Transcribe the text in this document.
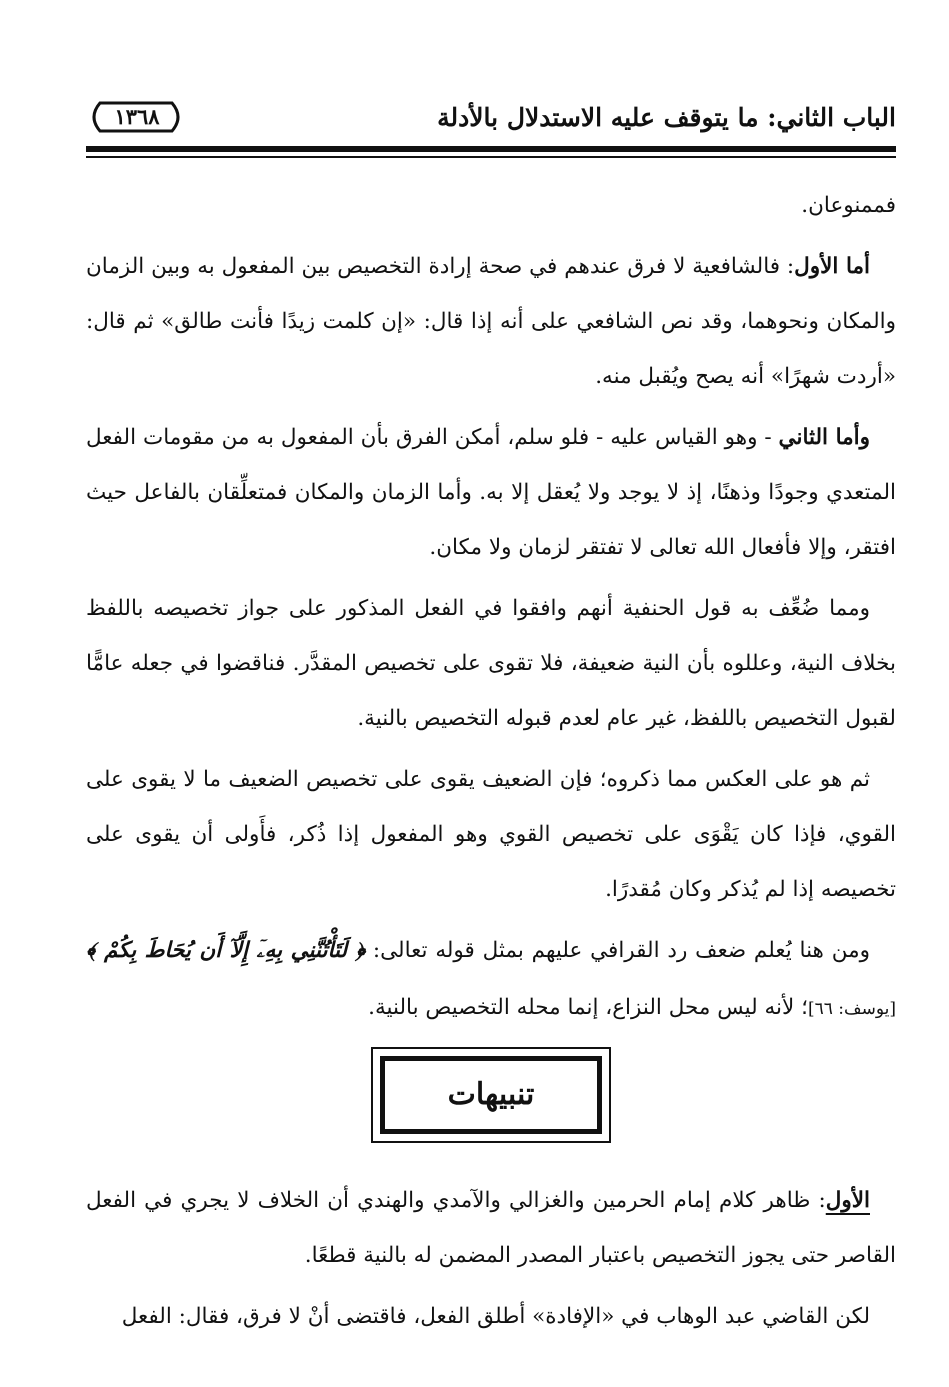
الباب الثاني: ما يتوقف عليه الاستدلال بالأدلة
١٣٦٨

فممنوعان.

أما الأول: فالشافعية لا فرق عندهم في صحة إرادة التخصيص بين المفعول به وبين الزمان والمكان ونحوهما، وقد نص الشافعي على أنه إذا قال: «إن كلمت زيدًا فأنت طالق» ثم قال: «أردت شهرًا» أنه يصح ويُقبل منه.

وأما الثاني - وهو القياس عليه - فلو سلم، أمكن الفرق بأن المفعول به من مقومات الفعل المتعدي وجودًا وذهنًا، إذ لا يوجد ولا يُعقل إلا به. وأما الزمان والمكان فمتعلِّقان بالفاعل حيث افتقر، وإلا فأفعال الله تعالى لا تفتقر لزمان ولا مكان.

ومما ضُعِّف به قول الحنفية أنهم وافقوا في الفعل المذكور على جواز تخصيصه باللفظ بخلاف النية، وعللوه بأن النية ضعيفة، فلا تقوى على تخصيص المقدَّر. فناقضوا في جعله عامًّا لقبول التخصيص باللفظ، غير عام لعدم قبوله التخصيص بالنية.

ثم هو على العكس مما ذكروه؛ فإن الضعيف يقوى على تخصيص الضعيف ما لا يقوى على القوي، فإذا كان يَقْوَى على تخصيص القوي وهو المفعول إذا ذُكر، فأَولى أن يقوى على تخصيصه إذا لم يُذكر وكان مُقدرًا.

ومن هنا يُعلم ضعف رد القرافي عليهم بمثل قوله تعالى: ﴿ لَتَأْتُنَّنِي بِهِۦٓ إِلَّآ أَن يُحَاطَ بِكُمْ ﴾ [يوسف: ٦٦]؛ لأنه ليس محل النزاع، إنما محله التخصيص بالنية.

تنبيهات

الأول: ظاهر كلام إمام الحرمين والغزالي والآمدي والهندي أن الخلاف لا يجري في الفعل القاصر حتى يجوز التخصيص باعتبار المصدر المضمن له بالنية قطعًا.

لكن القاضي عبد الوهاب في «الإفادة» أطلق الفعل، فاقتضى أنْ لا فرق، فقال: الفعل
